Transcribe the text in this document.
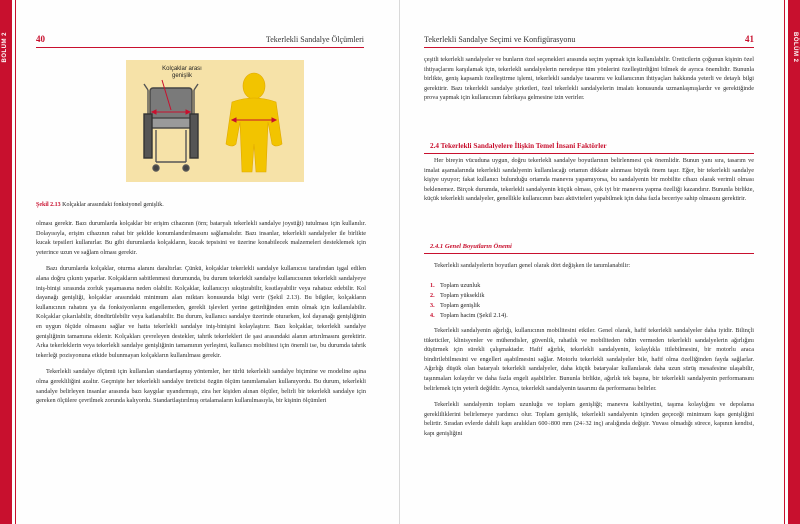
BÖLÜM 2	40	Tekerlekli Sandalye Ölçümleri
Kolçaklar arası
genişlik
Şekil 2.13 Kolçaklar arasındaki fonksiyonel genişlik.

olması gerekir. Bazı durumlarda kolçaklar bir erişim cihazının (örn; bataryalı tekerlekli sandalye joystiği) tutulması için kullanılır. Dolayısıyla, erişim cihazının rahat bir şekilde konumlandırılmasını sağlamalıdır. Bazı insanlar, tekerlekli sandalyeler ile birlikte kucak tepsileri kullanırlar. Bu gibi durumlarda kolçakların, kucak tepsisini ve üzerine konabilecek malzemeleri desteklemek için yeterince uzun ve sağlam olması gerekir.

Bazı durumlarda kolçaklar, oturma alanını daraltırlar. Çünkü, kolçaklar tekerlekli sandalye kullanıcısı tarafından işgal edilen alana doğru çıkıntı yaparlar. Kolçakların sabitlenmesi durumunda, bu durum tekerlekli sandalye kullanıcısının tekerlekli sandalyeye iniş-binişi sırasında zorluk yaşamasına neden olabilir. Kolçaklar, kullanıcıyı sıkıştırabilir, kısıtlayabilir veya rahatsız edebilir. Kol dayanağı genişliği, kolçaklar arasındaki minimum alan miktarı konusunda bilgi verir (Şekil 2.13). Bu bilgiler, kolçakların kullanıcının rahatını ya da fonksiyonlarını engellemeden, gerekli işlevleri yerine getirdiğinden emin olmak için kullanılabilir. Kolçaklar çıkarılabilir, döndürülebilir veya katlanabilir. Bu durum, kullanıcı sandalye üzerinde oturarken, kol dayanağı genişliğinin en uygun ölçüde olmasını sağlar ve hatta tekerlekli sandalye iniş-binişini kolaylaştırır. Bazı kolçaklar, tekerlekli sandalye genişliğinin tamamına eklenir. Kolçakları çevreleyen destekler, tahrik tekerlekleri ile şasi arasındaki alanın artırılmasını gerektirir. Arka tekerleklerin veya tekerlekli sandalye genişliğinin tamamının yerleşimi, kullanıcı mobilitesi için önemli ise, bu durumda tahrik tekerleği pozisyonuna etkide bulunmayan kolçakların kullanılması gerekir.

Tekerlekli sandalye ölçümü için kullanılan standartlaşmış yöntemler, her türlü tekerlekli sandalye biçimine ve modeline aşina olma gerekliliğini azaltır. Geçmişte her tekerlekli sandalye üreticisi özgün ölçüm tanımlamaları kullanıyordu. Bu durum, tekerlekli sandalye belirleyen insanlar arasında bazı kaygılar uyandırmıştı, zira her kişiden alınan ölçüler, belirli bir tekerlekli sandalye için gereken ölçülere çevrilmek zorunda kalıyordu. Standartlaştırılmış ortalamaların kullanılmasıyla, bir kişinin ölçümleri

BÖLÜM 2
Tekerlekli Sandalye Seçimi ve Konfigürasyonu	41

çeşitli tekerlekli sandalyeler ve bunların özel seçenekleri arasında seçim yapmak için kullanılabilir. Üreticilerin çoğunun kişinin özel ihtiyaçlarını karşılamak için, tekerlekli sandalyelerin neredeyse tüm yönlerini özelleştirdiğini bilmek de ayrıca önemlidir. Bununla birlikte, geniş kapsamlı özelleştirme işlemi, tekerlekli sandalye tasarımı ve kullanıcının ihtiyaçları hakkında yeterli ve detaylı bilgi gerektirir. Bazı tekerlekli sandalye şirketleri, özel tekerlekli sandalyelerin imalatı konusunda uzmanlaşmışlardır ve gerektiğinde prova yapmak için kullanıcının fabrikaya gelmesine izin verirler.

2.4 Tekerlekli Sandalyelere İlişkin Temel İnsani Faktörler

Her bireyin vücuduna uygun, doğru tekerlekli sandalye boyutlarının belirlenmesi çok önemlidir. Bunun yanı sıra, tasarım ve imalat aşamalarında tekerlekli sandalyenin kullanılacağı ortamın dikkate alınması büyük önem taşır. Eğer, bir tekerlekli sandalye kişiye uyuyor; fakat kullanıcı bulunduğu ortamda manevra yapamıyorsa, bu sandalyenin bir mobilite cihazı olarak verimli olması beklenemez. Birçok durumda, tekerlekli sandalyenin küçük olması, çok iyi bir manevra yapma özelliği kazandırır. Bununla birlikte, küçük tekerlekli sandalyeler, genellikle kullanıcının bazı aktiviteleri yapabilmek için daha fazla beceriye sahip olmasını gerektirir.

2.4.1 Genel Boyutların Önemi

Tekerlekli sandalyelerin boyutları genel olarak dört değişken ile tanımlanabilir:

1. Toplam uzunluk
2. Toplam yükseklik
3. Toplam genişlik
4. Toplam hacim (Şekil 2.14).

Tekerlekli sandalyenin ağırlığı, kullanıcının mobilitesini etkiler. Genel olarak, hafif tekerlekli sandalyeler daha iyidir. Bilinçli tüketiciler, klinisyenler ve mühendisler, güvenlik, rahatlık ve mobiliteden ödün vermeden tekerlekli sandalyelerin ağırlığını düşürmek için sürekli çalışmaktadır. Hafif ağırlık, tekerlekli sandalyenin, kolaylıkla itilebilmesini, bir motorlu araca bindirilebilmesini ve engelleri aşabilmesini sağlar. Motorlu tekerlekli sandalyeler bile, hafif olma özelliğinden fayda sağlarlar. Ağırlığı düşük olan bataryalı tekerlekli sandalyeler, daha küçük bataryalar kullanılarak daha uzun sürüş mesafesine ulaşabilir, taşınmaları kolaydır ve daha fazla engeli aşabilirler. Bununla birlikte, ağırlık tek başına, bir tekerlekli sandalyenin performansını belirlemek için yeterli değildir. Ayrıca, tekerlekli sandalyenin tasarımı da performansı belirler.

Tekerlekli sandalyenin toplam uzunluğu ve toplam genişliği; manevra kabiliyetini, taşıma kolaylığını ve depolama gerekliliklerini belirlemeye yardımcı olur. Toplam genişlik, tekerlekli sandalyenin içinden geçeceği minimum kapı genişliğini belirtir. Sıradan evlerde dahili kapı aralıkları 600÷800 mm (24÷32 inç) aralığında değişir. Yuvası olmadığı sürece, kapının kendisi, kapı genişliğini
